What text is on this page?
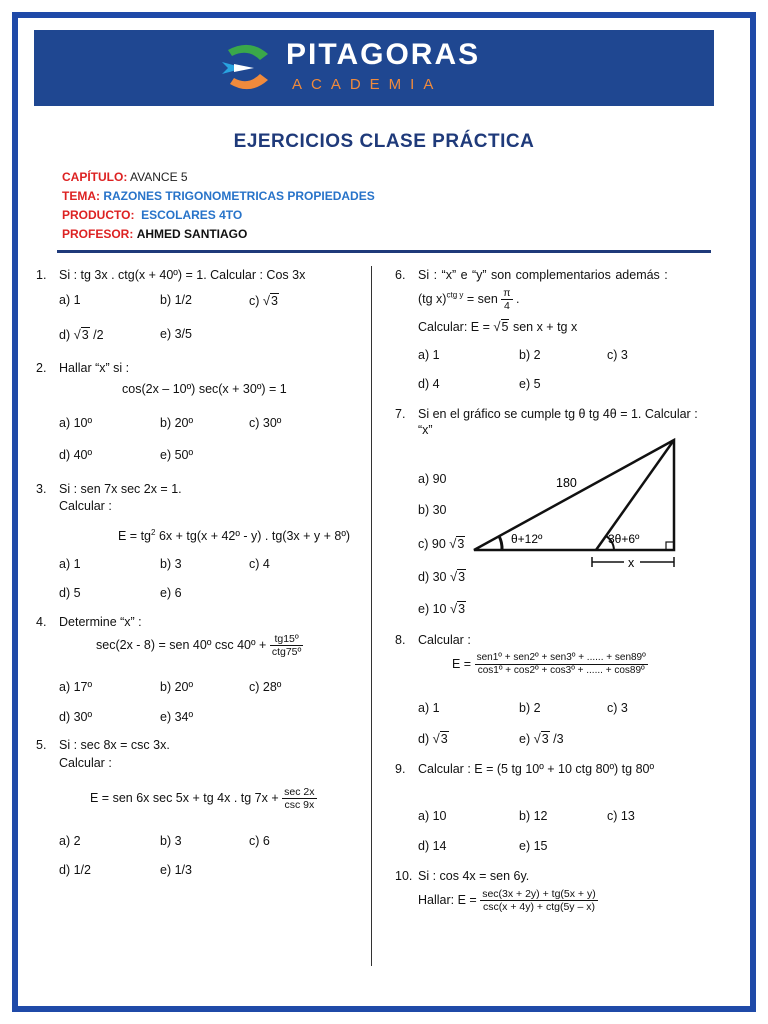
PITAGORAS
ACADEMIA
EJERCICIOS CLASE PRÁCTICA
CAPÍTULO: AVANCE 5
TEMA: RAZONES TRIGONOMETRICAS PROPIEDADES
PRODUCTO: ESCOLARES 4TO
PROFESOR: AHMED SANTIAGO
1. Si : tg 3x . ctg(x + 40º) = 1. Calcular : Cos 3x
a) 1	b) 1/2	c) √3
d) √3 /2	e) 3/5
2. Hallar “x” si :
cos(2x – 10º) sec(x + 30º) = 1
a) 10º	b) 20º	c) 30º
d) 40º	e) 50º
3. Si : sen 7x sec 2x = 1.
Calcular :
$E = tg^2$ 6x + tg(x + 42º - y) . tg(3x + y + 8º)
a) 1	b) 3	c) 4
d) 5	e) 6
4. Determine “x” :
sec(2x - 8) = sen 40º csc 40º + $\frac{\text{tg15º}}{\text{ctg75º}}$
a) 17º	b) 20º	c) 28º
d) 30º	e) 34º
5. Si : sec 8x = csc 3x.
Calcular :
E = sen 6x sec 5x + tg 4x . tg $7x + \frac{\sec 2x}{\csc 9x}$
a) 2	b) 3	c) 6
d) 1/2	e) 1/3
6. Si : “x” e “y” son complementarios además :
(tg x)$^{ctg y}$ = sen $\frac{\pi}{4}$ .
Calcular: E = √5 sen x + tg x
a) 1	b) 2	c) 3
d) 4	e) 5
7. Si en el gráfico se cumple tg θ tg 4θ = 1. Calcular :
“x”
a) 90
b) 30
c) 90 √3
d) 30 √3
e) 10 √3
180
θ+12º	3θ+6º
x
8. Calcular :
$E = \frac{\text{sen1º + sen2º + sen3º + ...... + sen89º}}{\text{cos1º + cos2º + cos3º + ...... + cos89º}}$
a) 1	b) 2	c) 3
d) √3	e) √3 /3
9. Calcular : E = (5 tg 10º + 10 ctg 80º) tg 80º
a) 10	b) 12	c) 13
d) 14	e) 15
10. Si : cos 4x = sen 6y.
Hallar: $E = \frac{\sec(3x + 2y) + tg(5x + y)}{\text{csc(x + 4y) + ctg(5y – x)}}$
